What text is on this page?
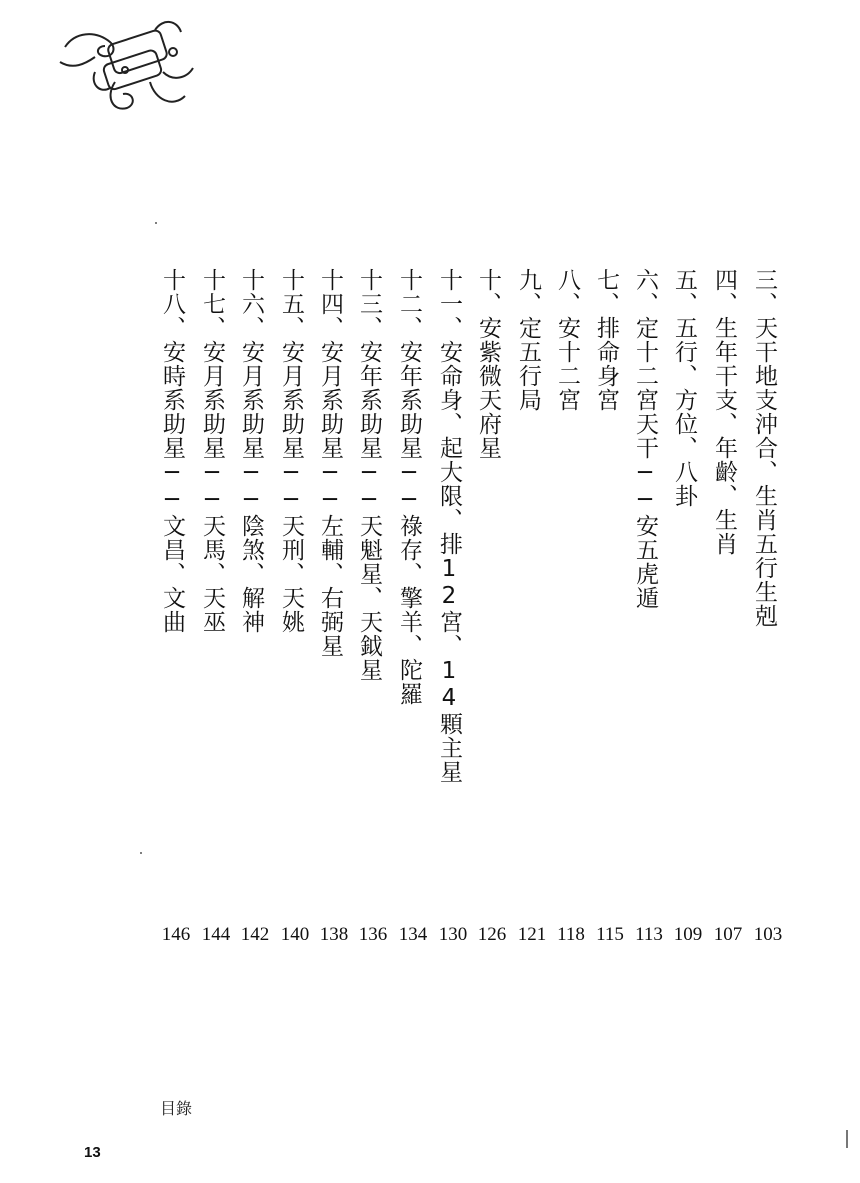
三、天干地支沖合、生肖五行生剋
103
四、生年干支、年齡、生肖
107
五、五行、方位、八卦
109
六、定十二宮天干──安五虎遁
113
七、排命身宮
115
八、安十二宮
118
九、定五行局
121
十、安紫微天府星
126
十一、安命身、起大限、排12宮、14顆主星
130
十二、安年系助星──祿存、擎羊、陀羅
134
十三、安年系助星──天魁星、天鉞星
136
十四、安月系助星──左輔、右弼星
138
十五、安月系助星──天刑、天姚
140
十六、安月系助星──陰煞、解神
142
十七、安月系助星──天馬、天巫
144
十八、安時系助星──文昌、文曲
146
目錄
13
